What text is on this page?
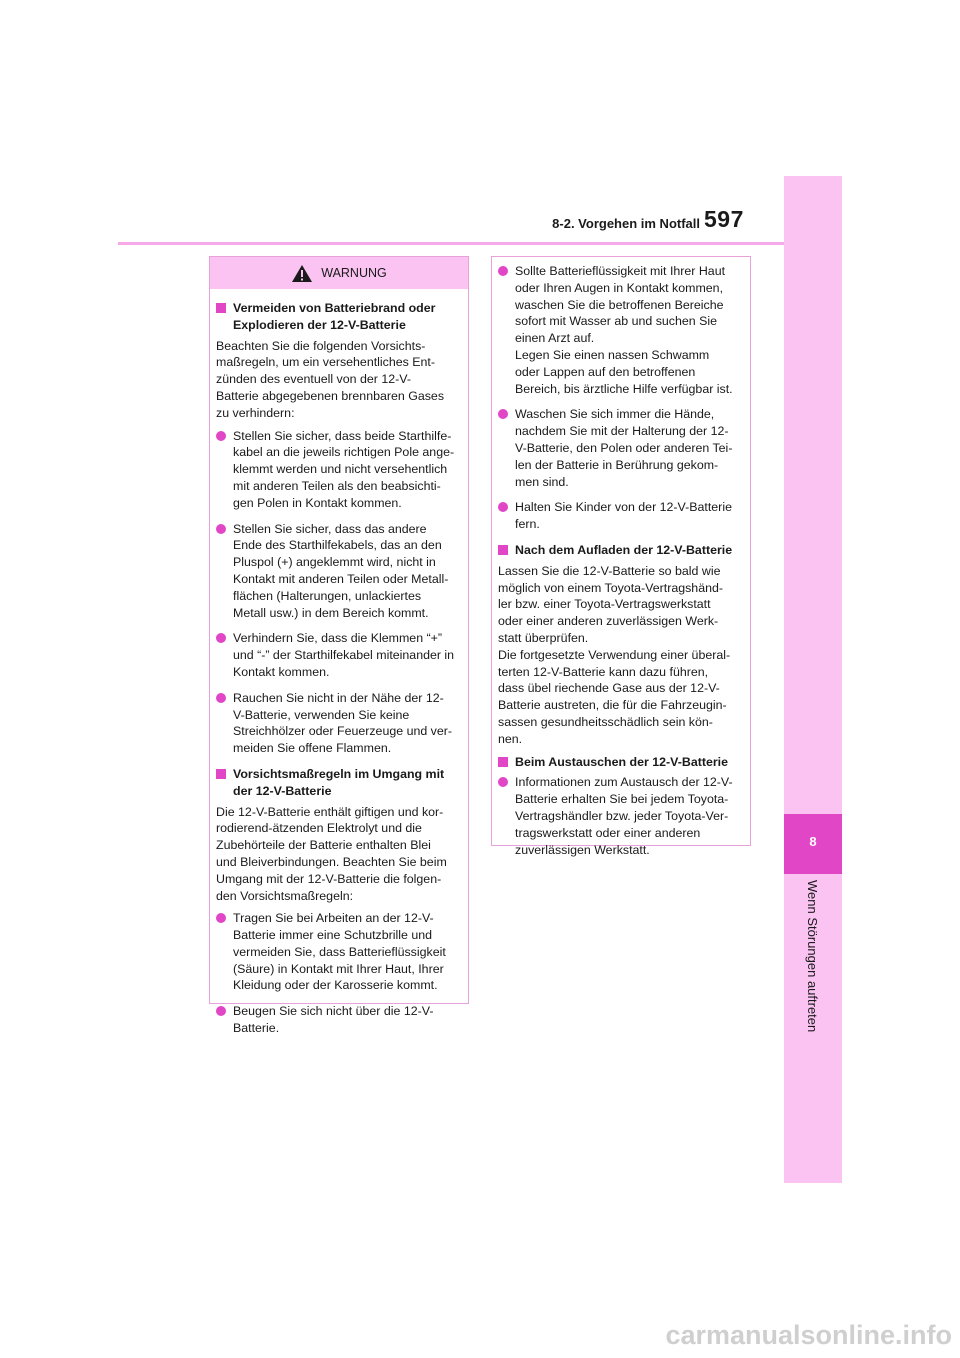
8-2. Vorgehen im Notfall 597
8
Wenn Störungen auftreten
WARNUNG
Vermeiden von Batteriebrand oder
Explodieren der 12-V-Batterie
Beachten Sie die folgenden Vorsichts-
maßregeln, um ein versehentliches Ent-
zünden des eventuell von der 12-V-
Batterie abgegebenen brennbaren Gases
zu verhindern:
Stellen Sie sicher, dass beide Starthilfe-
kabel an die jeweils richtigen Pole ange-
klemmt werden und nicht versehentlich
mit anderen Teilen als den beabsichti-
gen Polen in Kontakt kommen.
Stellen Sie sicher, dass das andere
Ende des Starthilfekabels, das an den
Pluspol (+) angeklemmt wird, nicht in
Kontakt mit anderen Teilen oder Metall-
flächen (Halterungen, unlackiertes
Metall usw.) in dem Bereich kommt.
Verhindern Sie, dass die Klemmen “+”
und “-” der Starthilfekabel miteinander in
Kontakt kommen.
Rauchen Sie nicht in der Nähe der 12-
V-Batterie, verwenden Sie keine
Streichhölzer oder Feuerzeuge und ver-
meiden Sie offene Flammen.
Vorsichtsmaßregeln im Umgang mit
der 12-V-Batterie
Die 12-V-Batterie enthält giftigen und kor-
rodierend-ätzenden Elektrolyt und die
Zubehörteile der Batterie enthalten Blei
und Bleiverbindungen. Beachten Sie beim
Umgang mit der 12-V-Batterie die folgen-
den Vorsichtsmaßregeln:
Tragen Sie bei Arbeiten an der 12-V-
Batterie immer eine Schutzbrille und
vermeiden Sie, dass Batterieflüssigkeit
(Säure) in Kontakt mit Ihrer Haut, Ihrer
Kleidung oder der Karosserie kommt.
Beugen Sie sich nicht über die 12-V-
Batterie.
Sollte Batterieflüssigkeit mit Ihrer Haut
oder Ihren Augen in Kontakt kommen,
waschen Sie die betroffenen Bereiche
sofort mit Wasser ab und suchen Sie
einen Arzt auf.
Legen Sie einen nassen Schwamm
oder Lappen auf den betroffenen
Bereich, bis ärztliche Hilfe verfügbar ist.
Waschen Sie sich immer die Hände,
nachdem Sie mit der Halterung der 12-
V-Batterie, den Polen oder anderen Tei-
len der Batterie in Berührung gekom-
men sind.
Halten Sie Kinder von der 12-V-Batterie
fern.
Nach dem Aufladen der 12-V-Batterie
Lassen Sie die 12-V-Batterie so bald wie
möglich von einem Toyota-Vertragshänd-
ler bzw. einer Toyota-Vertragswerkstatt
oder einer anderen zuverlässigen Werk-
statt überprüfen.
Die fortgesetzte Verwendung einer überal-
terten 12-V-Batterie kann dazu führen,
dass übel riechende Gase aus der 12-V-
Batterie austreten, die für die Fahrzeugin-
sassen gesundheitsschädlich sein kön-
nen.
Beim Austauschen der 12-V-Batterie
Informationen zum Austausch der 12-V-
Batterie erhalten Sie bei jedem Toyota-
Vertragshändler bzw. jeder Toyota-Ver-
tragswerkstatt oder einer anderen
zuverlässigen Werkstatt.
carmanualsonline.info
